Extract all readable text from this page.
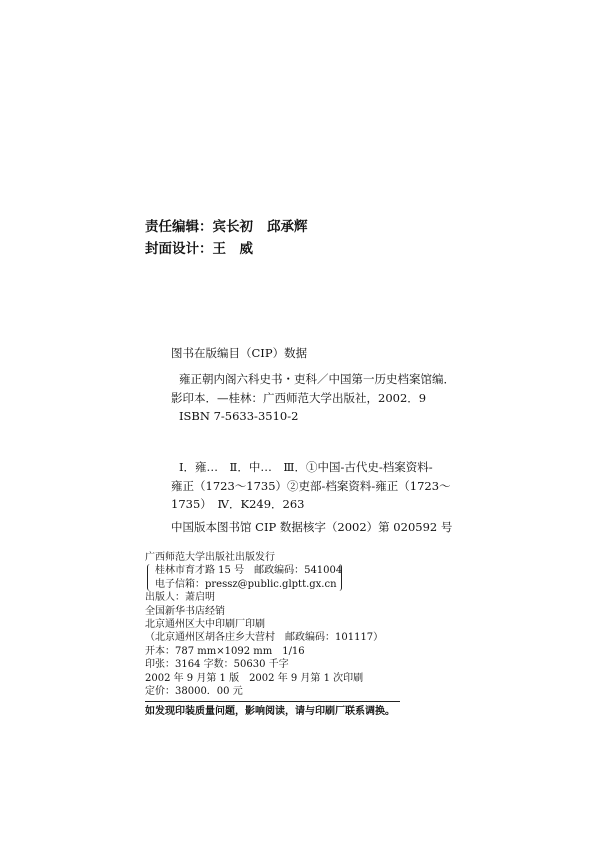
责任编辑：宾长初 邱承辉
封面设计：王　威
图书在版编目（CIP）数据
雍正朝内阁六科史书・吏科／中国第一历史档案馆编．
影印本．—桂林：广西师范大学出版社，2002．9
ISBN 7-5633-3510-2
Ⅰ．雍…　Ⅱ．中…　Ⅲ．①中国-古代史-档案资料-
雍正（1723～1735）②吏部-档案资料-雍正（1723～
1735）　Ⅳ．K249．263
中国版本图书馆 CIP 数据核字（2002）第 020592 号
广西师范大学出版社出版发行
桂林市育才路 15 号　邮政编码：541004
电子信箱：pressz@public.glptt.gx.cn
出版人：萧启明
全国新华书店经销
北京通州区大中印刷厂印刷
（北京通州区胡各庄乡大营村　邮政编码：101117）
开本：787 mm×1092 mm　1/16
印张：3164 字数：50630 千字
2002 年 9 月第 1 版　2002 年 9 月第 1 次印刷
定价：38000．00 元
如发现印装质量问题，影响阅读，请与印刷厂联系调换。
